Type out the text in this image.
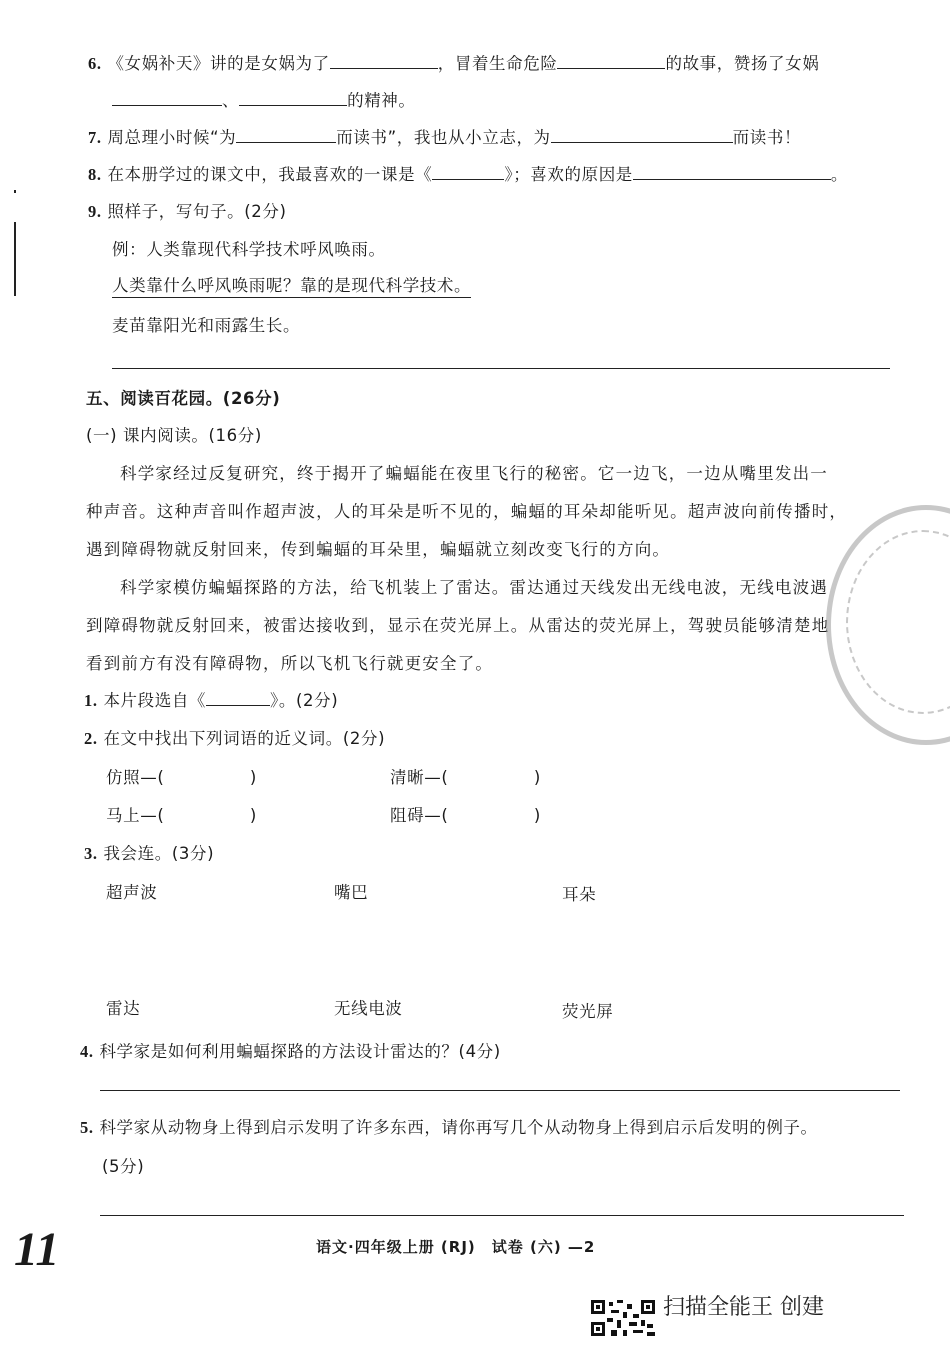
6. 《女娲补天》讲的是女娲为了	，冒着生命危险	的故事，赞扬了女娲
、	的精神。
7. 周总理小时候“为	而读书”，我也从小立志，为	而读书！
8. 在本册学过的课文中，我最喜欢的一课是《	》；喜欢的原因是	。
9. 照样子，写句子。(2分)
例：人类靠现代科学技术呼风唤雨。
人类靠什么呼风唤雨呢？靠的是现代科学技术。
麦苗靠阳光和雨露生长。
五、阅读百花园。(26分)
(一) 课内阅读。(16分)
科学家经过反复研究，终于揭开了蝙蝠能在夜里飞行的秘密。它一边飞，一边从嘴里发出一
种声音。这种声音叫作超声波，人的耳朵是听不见的，蝙蝠的耳朵却能听见。超声波向前传播时，
遇到障碍物就反射回来，传到蝙蝠的耳朵里，蝙蝠就立刻改变飞行的方向。
科学家模仿蝙蝠探路的方法，给飞机装上了雷达。雷达通过天线发出无线电波，无线电波遇
到障碍物就反射回来，被雷达接收到，显示在荧光屏上。从雷达的荧光屏上，驾驶员能够清楚地
看到前方有没有障碍物，所以飞机飞行就更安全了。
1. 本片段选自《	》。(2分)
2. 在文中找出下列词语的近义词。(2分)
仿照—(　　　　　)	清晰—(　　　　　)
马上—(　　　　　)	阻碍—(　　　　　)
3. 我会连。(3分)
超声波	嘴巴	耳朵
雷达	无线电波	荧光屏
4. 科学家是如何利用蝙蝠探路的方法设计雷达的？(4分)
5. 科学家从动物身上得到启示发明了许多东西，请你再写几个从动物身上得到启示后发明的例子。
(5分)
11	语文·四年级上册 (RJ)　试卷 (六) —2
扫描全能王 创建
